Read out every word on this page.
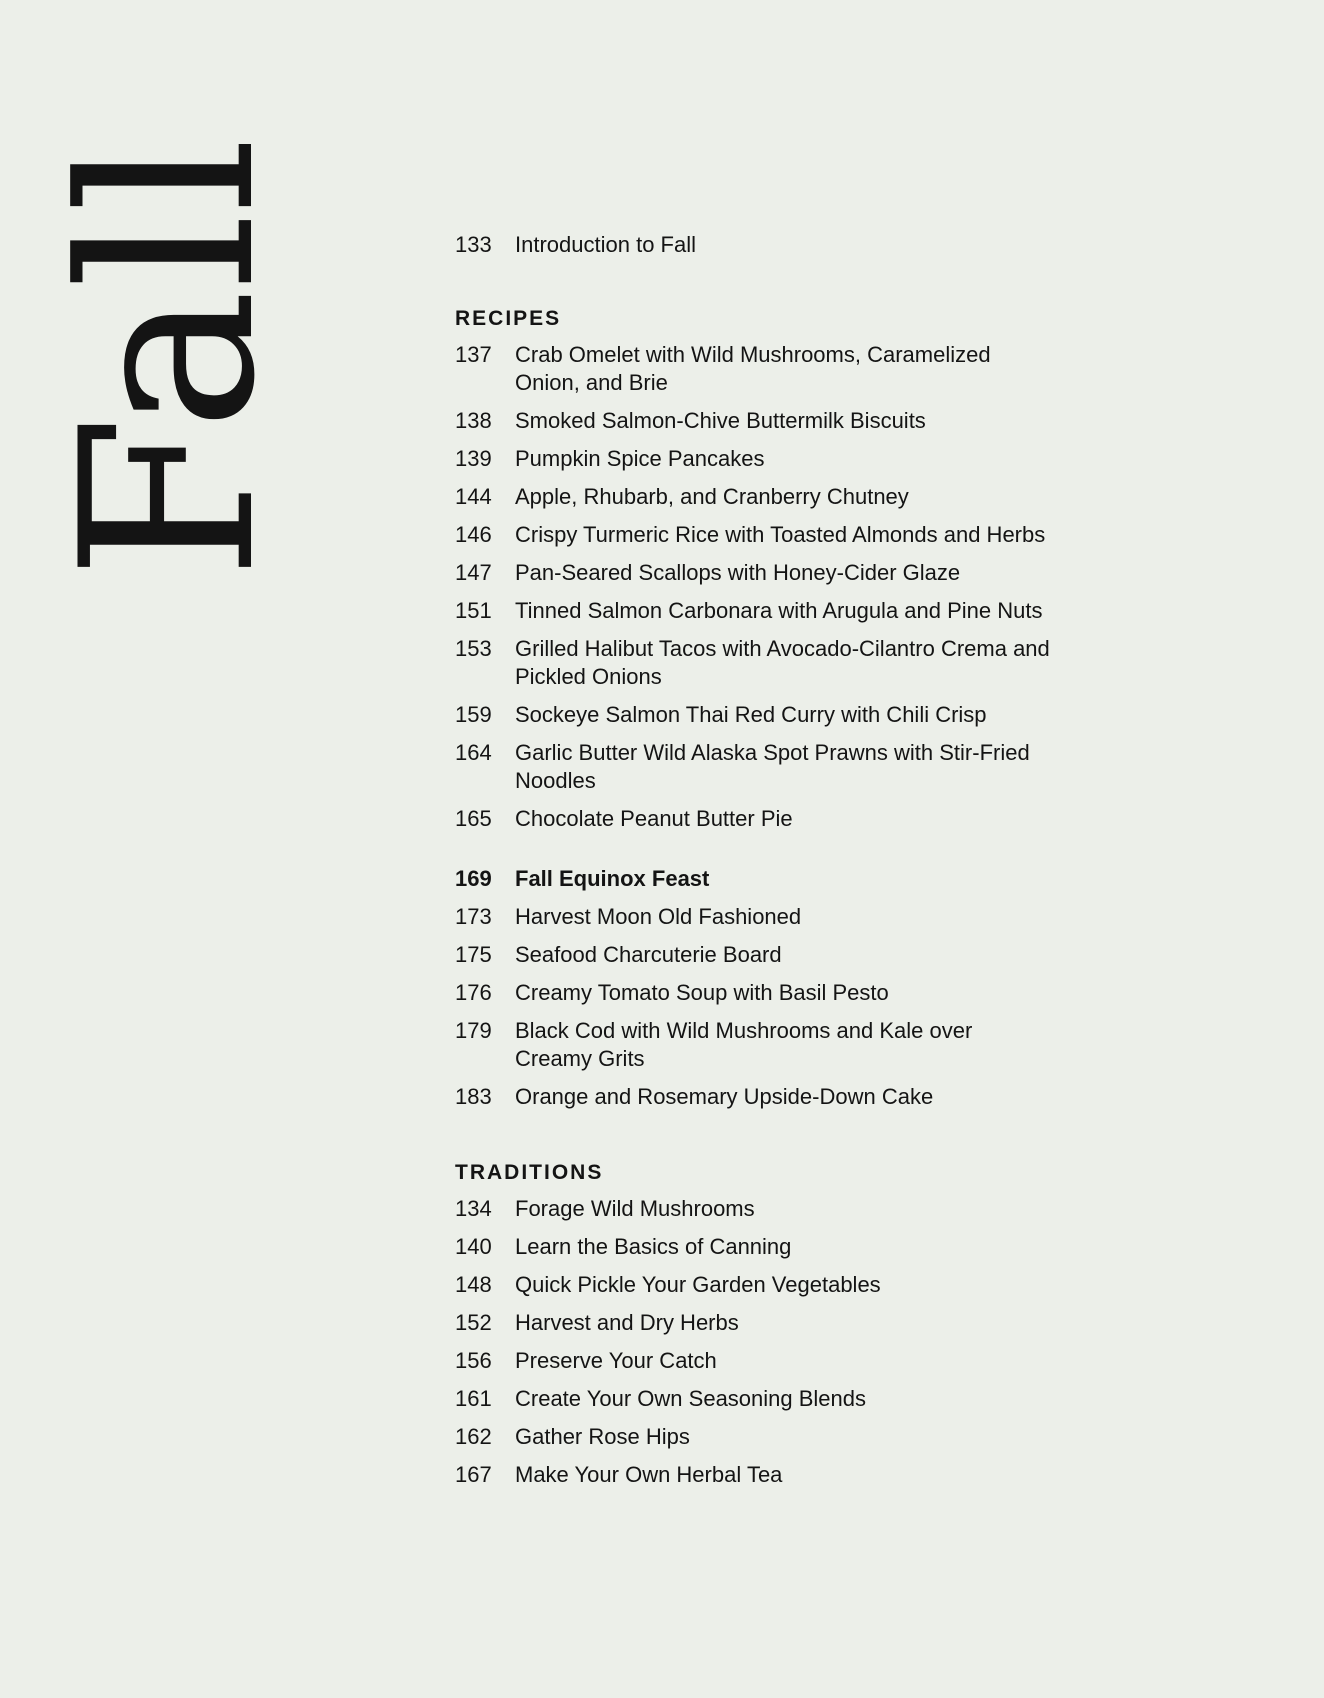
Fall	133	Introduction to Fall
RECIPES
137	Crab Omelet with Wild Mushrooms, Caramelized Onion, and Brie
138	Smoked Salmon-Chive Buttermilk Biscuits
139	Pumpkin Spice Pancakes
144	Apple, Rhubarb, and Cranberry Chutney
146	Crispy Turmeric Rice with Toasted Almonds and Herbs
147	Pan-Seared Scallops with Honey-Cider Glaze
151	Tinned Salmon Carbonara with Arugula and Pine Nuts
153	Grilled Halibut Tacos with Avocado-Cilantro Crema and Pickled Onions
159	Sockeye Salmon Thai Red Curry with Chili Crisp
164	Garlic Butter Wild Alaska Spot Prawns with Stir-Fried Noodles
165	Chocolate Peanut Butter Pie
169	Fall Equinox Feast
173	Harvest Moon Old Fashioned
175	Seafood Charcuterie Board
176	Creamy Tomato Soup with Basil Pesto
179	Black Cod with Wild Mushrooms and Kale over Creamy Grits
183	Orange and Rosemary Upside-Down Cake
TRADITIONS
134	Forage Wild Mushrooms
140	Learn the Basics of Canning
148	Quick Pickle Your Garden Vegetables
152	Harvest and Dry Herbs
156	Preserve Your Catch
161	Create Your Own Seasoning Blends
162	Gather Rose Hips
167	Make Your Own Herbal Tea
